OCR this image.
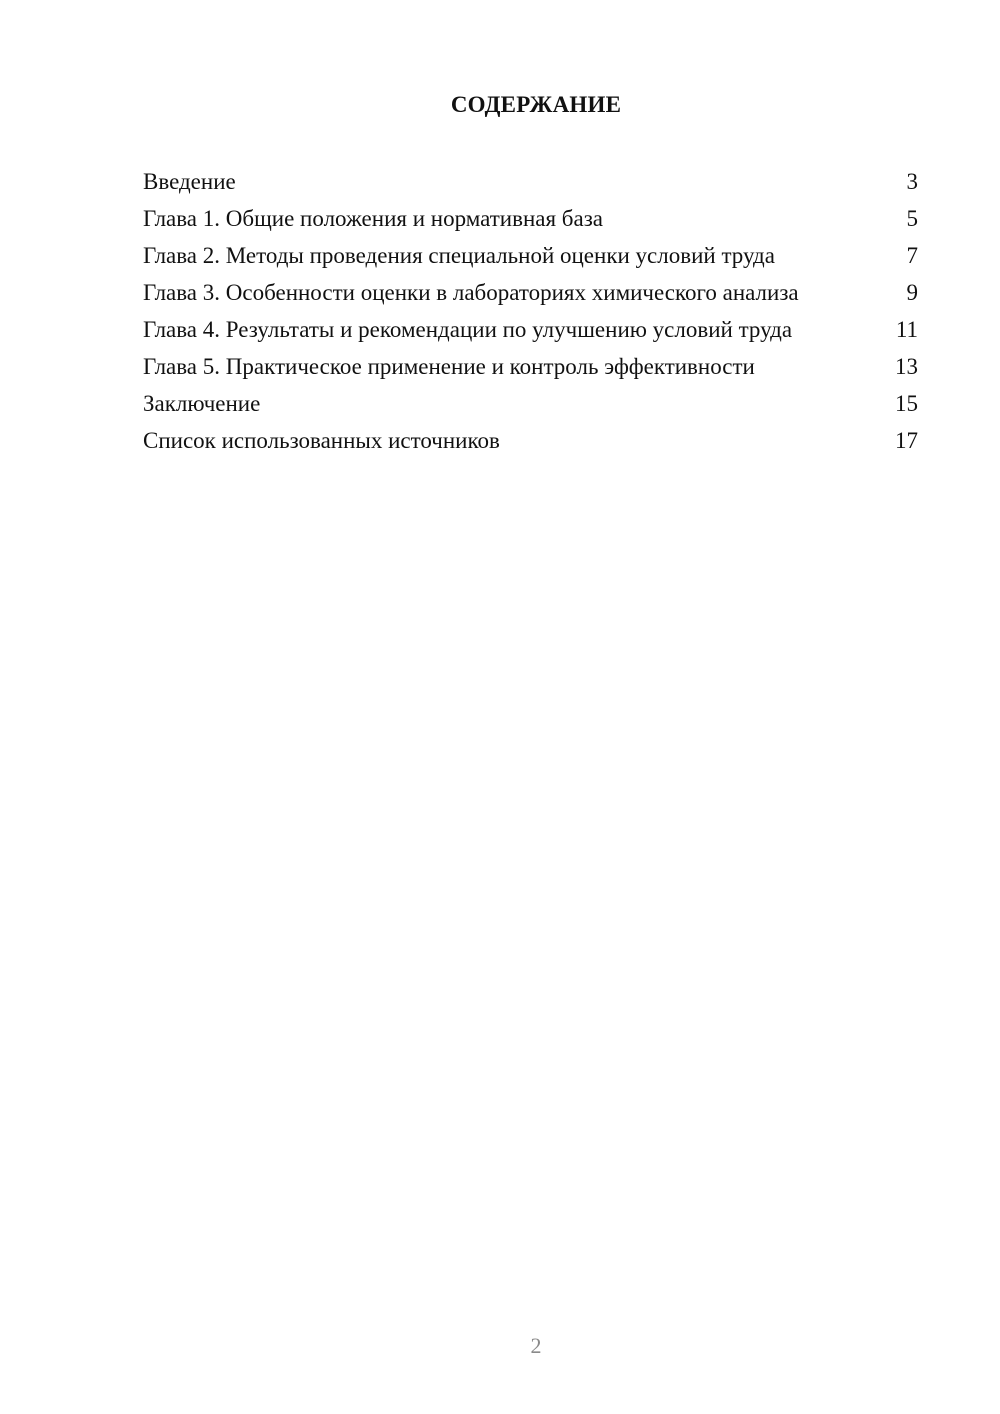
СОДЕРЖАНИЕ
Введение	3
Глава 1. Общие положения и нормативная база	5
Глава 2. Методы проведения специальной оценки условий труда	7
Глава 3. Особенности оценки в лабораториях химического анализа	9
Глава 4. Результаты и рекомендации по улучшению условий труда	11
Глава 5. Практическое применение и контроль эффективности	13
Заключение	15
Список использованных источников	17
2
